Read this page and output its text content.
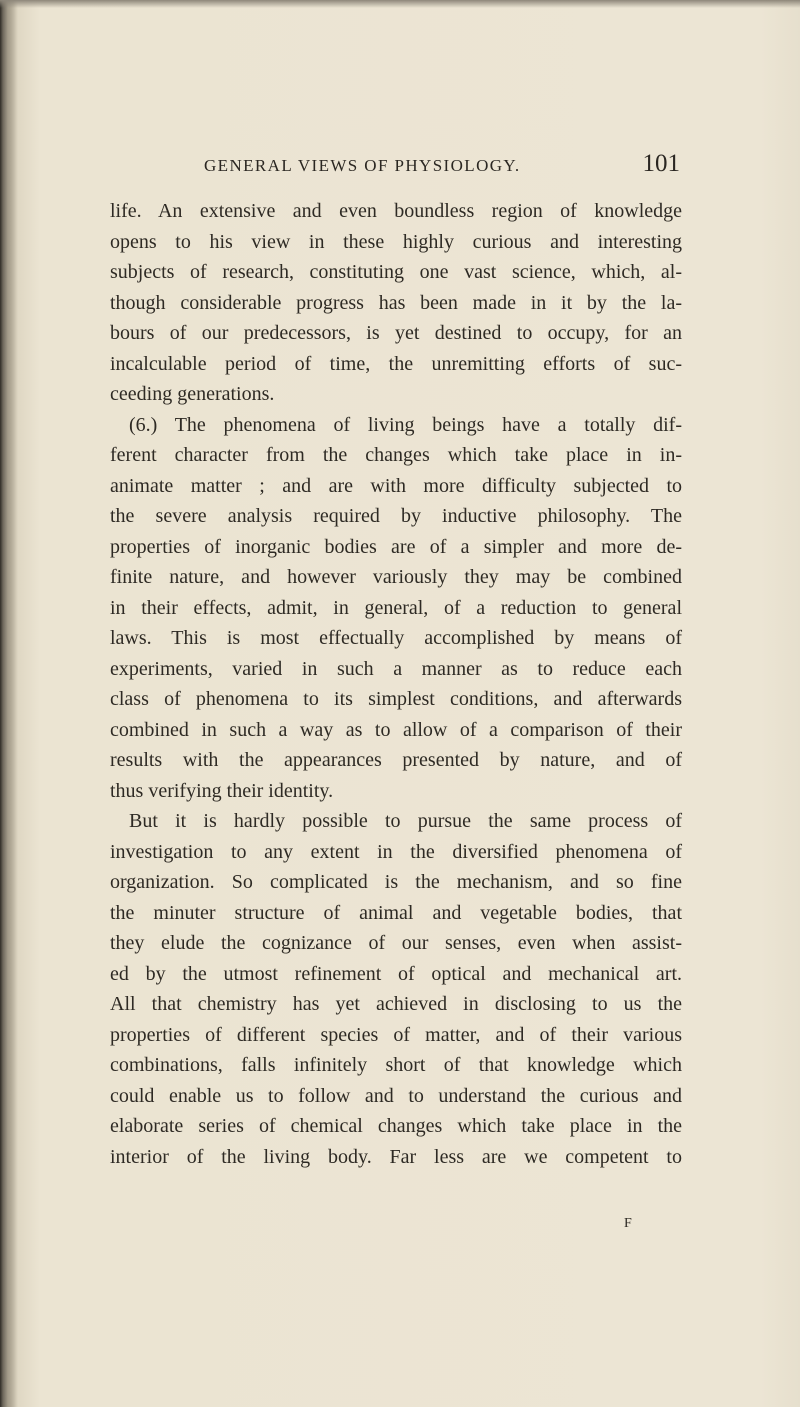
GENERAL VIEWS OF PHYSIOLOGY.	101
life. An extensive and even boundless region of knowledge
opens to his view in these highly curious and interesting
subjects of research, constituting one vast science, which, al-
though considerable progress has been made in it by the la-
bours of our predecessors, is yet destined to occupy, for an
incalculable period of time, the unremitting efforts of suc-
ceeding generations.
(6.) The phenomena of living beings have a totally dif-
ferent character from the changes which take place in in-
animate matter ; and are with more difficulty subjected to
the severe analysis required by inductive philosophy. The
properties of inorganic bodies are of a simpler and more de-
finite nature, and however variously they may be combined
in their effects, admit, in general, of a reduction to general
laws. This is most effectually accomplished by means of
experiments, varied in such a manner as to reduce each
class of phenomena to its simplest conditions, and afterwards
combined in such a way as to allow of a comparison of their
results with the appearances presented by nature, and of
thus verifying their identity.
But it is hardly possible to pursue the same process of
investigation to any extent in the diversified phenomena of
organization. So complicated is the mechanism, and so fine
the minuter structure of animal and vegetable bodies, that
they elude the cognizance of our senses, even when assist-
ed by the utmost refinement of optical and mechanical art.
All that chemistry has yet achieved in disclosing to us the
properties of different species of matter, and of their various
combinations, falls infinitely short of that knowledge which
could enable us to follow and to understand the curious and
elaborate series of chemical changes which take place in the
interior of the living body. Far less are we competent to
F
